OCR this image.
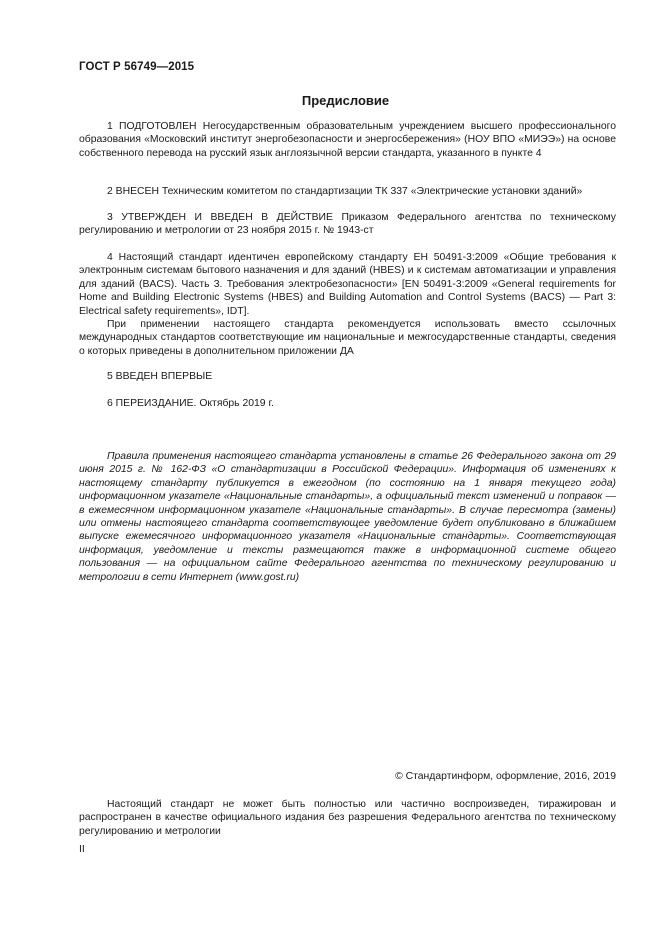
ГОСТ Р 56749—2015
Предисловие

1 ПОДГОТОВЛЕН Негосударственным образовательным учреждением высшего профессионального образования «Московский институт энергобезопасности и энергосбережения» (НОУ ВПО «МИЭЭ») на основе собственного перевода на русский язык англоязычной версии стандарта, указанного в пункте 4

2 ВНЕСЕН Техническим комитетом по стандартизации ТК 337 «Электрические установки зданий»

3 УТВЕРЖДЕН И ВВЕДЕН В ДЕЙСТВИЕ Приказом Федерального агентства по техническому регулированию и метрологии от 23 ноября 2015 г. № 1943-ст

4 Настоящий стандарт идентичен европейскому стандарту ЕН 50491-3:2009 «Общие требования к электронным системам бытового назначения и для зданий (HBES) и к системам автоматизации и управления для зданий (BACS). Часть 3. Требования электробезопасности» [EN 50491-3:2009 «General requirements for Home and Building Electronic Systems (HBES) and Building Automation and Control Systems (BACS) — Part 3: Electrical safety requirements», IDT].

При применении настоящего стандарта рекомендуется использовать вместо ссылочных международных стандартов соответствующие им национальные и межгосударственные стандарты, сведения о которых приведены в дополнительном приложении ДА

5 ВВЕДЕН ВПЕРВЫЕ

6 ПЕРЕИЗДАНИЕ. Октябрь 2019 г.

Правила применения настоящего стандарта установлены в статье 26 Федерального закона от 29 июня 2015 г. № 162-ФЗ «О стандартизации в Российской Федерации». Информация об изменениях к настоящему стандарту публикуется в ежегодном (по состоянию на 1 января текущего года) информационном указателе «Национальные стандарты», а официальный текст изменений и поправок — в ежемесячном информационном указателе «Национальные стандарты». В случае пересмотра (замены) или отмены настоящего стандарта соответствующее уведомление будет опубликовано в ближайшем выпуске ежемесячного информационного указателя «Национальные стандарты». Соответствующая информация, уведомление и тексты размещаются также в информационной системе общего пользования — на официальном сайте Федерального агентства по техническому регулированию и метрологии в сети Интернет (www.gost.ru)

© Стандартинформ, оформление, 2016, 2019

Настоящий стандарт не может быть полностью или частично воспроизведен, тиражирован и распространен в качестве официального издания без разрешения Федерального агентства по техническому регулированию и метрологии

II
